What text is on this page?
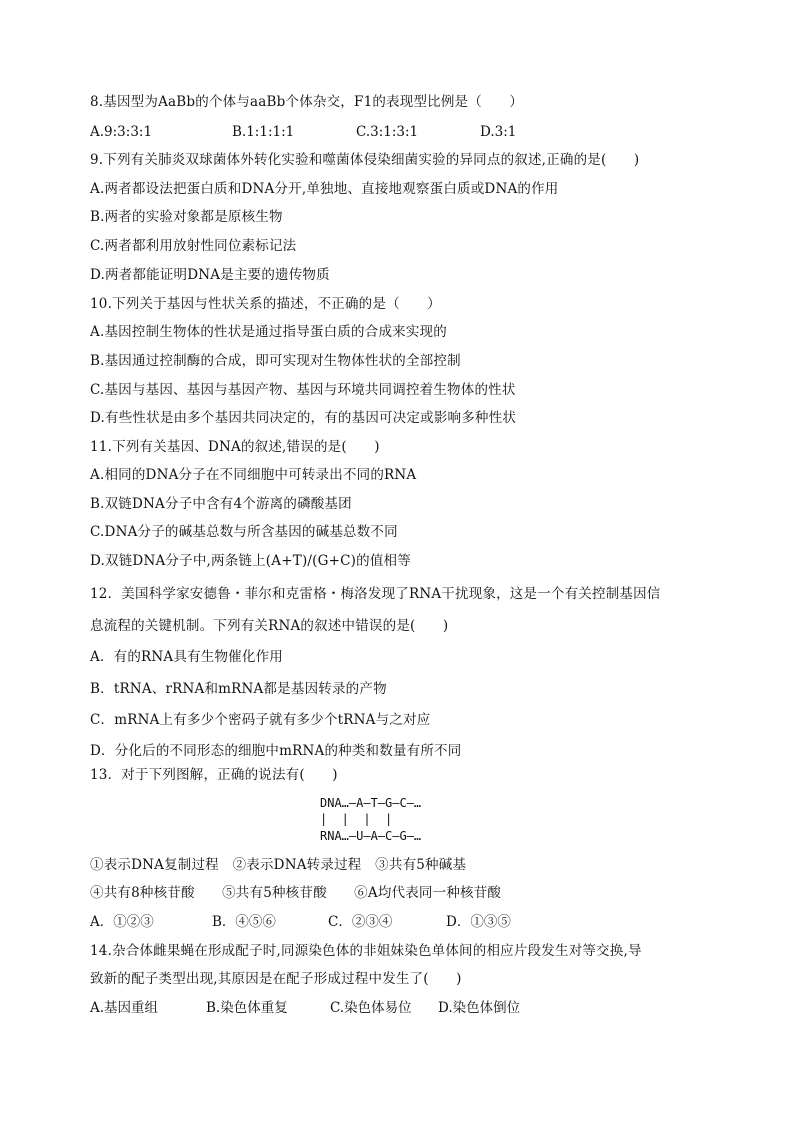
8.基因型为AaBb的个体与aaBb个体杂交，F1的表现型比例是（　　）
A.9:3:3:1	B.1:1:1:1	C.3:1:3:1	D.3:1
9.下列有关肺炎双球菌体外转化实验和噬菌体侵染细菌实验的异同点的叙述,正确的是(　　)
A.两者都设法把蛋白质和DNA分开,单独地、直接地观察蛋白质或DNA的作用
B.两者的实验对象都是原核生物
C.两者都利用放射性同位素标记法
D.两者都能证明DNA是主要的遗传物质
10.下列关于基因与性状关系的描述，不正确的是（　　）
A.基因控制生物体的性状是通过指导蛋白质的合成来实现的
B.基因通过控制酶的合成，即可实现对生物体性状的全部控制
C.基因与基因、基因与基因产物、基因与环境共同调控着生物体的性状
D.有些性状是由多个基因共同决定的，有的基因可决定或影响多种性状
11.下列有关基因、DNA的叙述,错误的是(　　)
A.相同的DNA分子在不同细胞中可转录出不同的RNA
B.双链DNA分子中含有4个游离的磷酸基团
C.DNA分子的碱基总数与所含基因的碱基总数不同
D.双链DNA分子中,两条链上(A+T)/(G+C)的值相等
12．美国科学家安德鲁・菲尔和克雷格・梅洛发现了RNA干扰现象，这是一个有关控制基因信
息流程的关键机制。下列有关RNA的叙述中错误的是(　　)
A．有的RNA具有生物催化作用
B．tRNA、rRNA和mRNA都是基因转录的产物
C．mRNA上有多少个密码子就有多少个tRNA与之对应
D．分化后的不同形态的细胞中mRNA的种类和数量有所不同
13．对于下列图解，正确的说法有(　　)
DNA…—A—T—G—C—…
|  |  |  |
RNA…—U—A—C—G—…
①表示DNA复制过程　②表示DNA转录过程　③共有5种碱基
④共有8种核苷酸　　⑤共有5种核苷酸　　⑥A均代表同一种核苷酸
A．①②③	B．④⑤⑥	C．②③④	D．①③⑤
14.杂合体雌果蝇在形成配子时,同源染色体的非姐妹染色单体间的相应片段发生对等交换,导
致新的配子类型出现,其原因是在配子形成过程中发生了(　　)
A.基因重组	B.染色体重复	C.染色体易位 D.染色体倒位
